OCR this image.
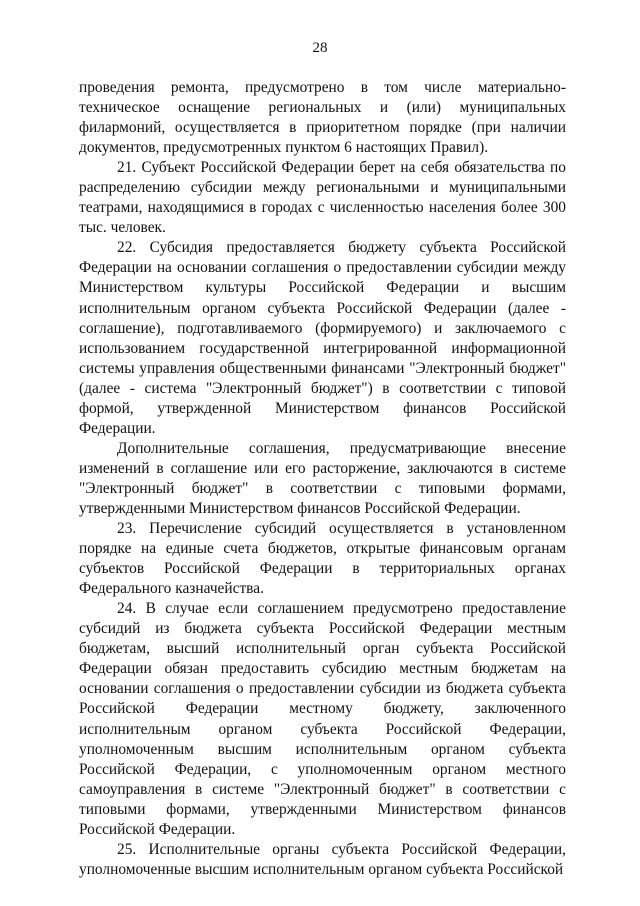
28

проведения ремонта, предусмотрено в том числе материально-техническое оснащение региональных и (или) муниципальных филармоний, осуществляется в приоритетном порядке (при наличии документов, предусмотренных пунктом 6 настоящих Правил).

21. Субъект Российской Федерации берет на себя обязательства по распределению субсидии между региональными и муниципальными театрами, находящимися в городах с численностью населения более 300 тыс. человек.

22. Субсидия предоставляется бюджету субъекта Российской Федерации на основании соглашения о предоставлении субсидии между Министерством культуры Российской Федерации и высшим исполнительным органом субъекта Российской Федерации (далее - соглашение), подготавливаемого (формируемого) и заключаемого с использованием государственной интегрированной информационной системы управления общественными финансами "Электронный бюджет" (далее - система "Электронный бюджет") в соответствии с типовой формой, утвержденной Министерством финансов Российской Федерации.

Дополнительные соглашения, предусматривающие внесение изменений в соглашение или его расторжение, заключаются в системе "Электронный бюджет" в соответствии с типовыми формами, утвержденными Министерством финансов Российской Федерации.

23. Перечисление субсидий осуществляется в установленном порядке на единые счета бюджетов, открытые финансовым органам субъектов Российской Федерации в территориальных органах Федерального казначейства.

24. В случае если соглашением предусмотрено предоставление субсидий из бюджета субъекта Российской Федерации местным бюджетам, высший исполнительный орган субъекта Российской Федерации обязан предоставить субсидию местным бюджетам на основании соглашения о предоставлении субсидии из бюджета субъекта Российской Федерации местному бюджету, заключенного исполнительным органом субъекта Российской Федерации, уполномоченным высшим исполнительным органом субъекта Российской Федерации, с уполномоченным органом местного самоуправления в системе "Электронный бюджет" в соответствии с типовыми формами, утвержденными Министерством финансов Российской Федерации.

25. Исполнительные органы субъекта Российской Федерации, уполномоченные высшим исполнительным органом субъекта Российской
